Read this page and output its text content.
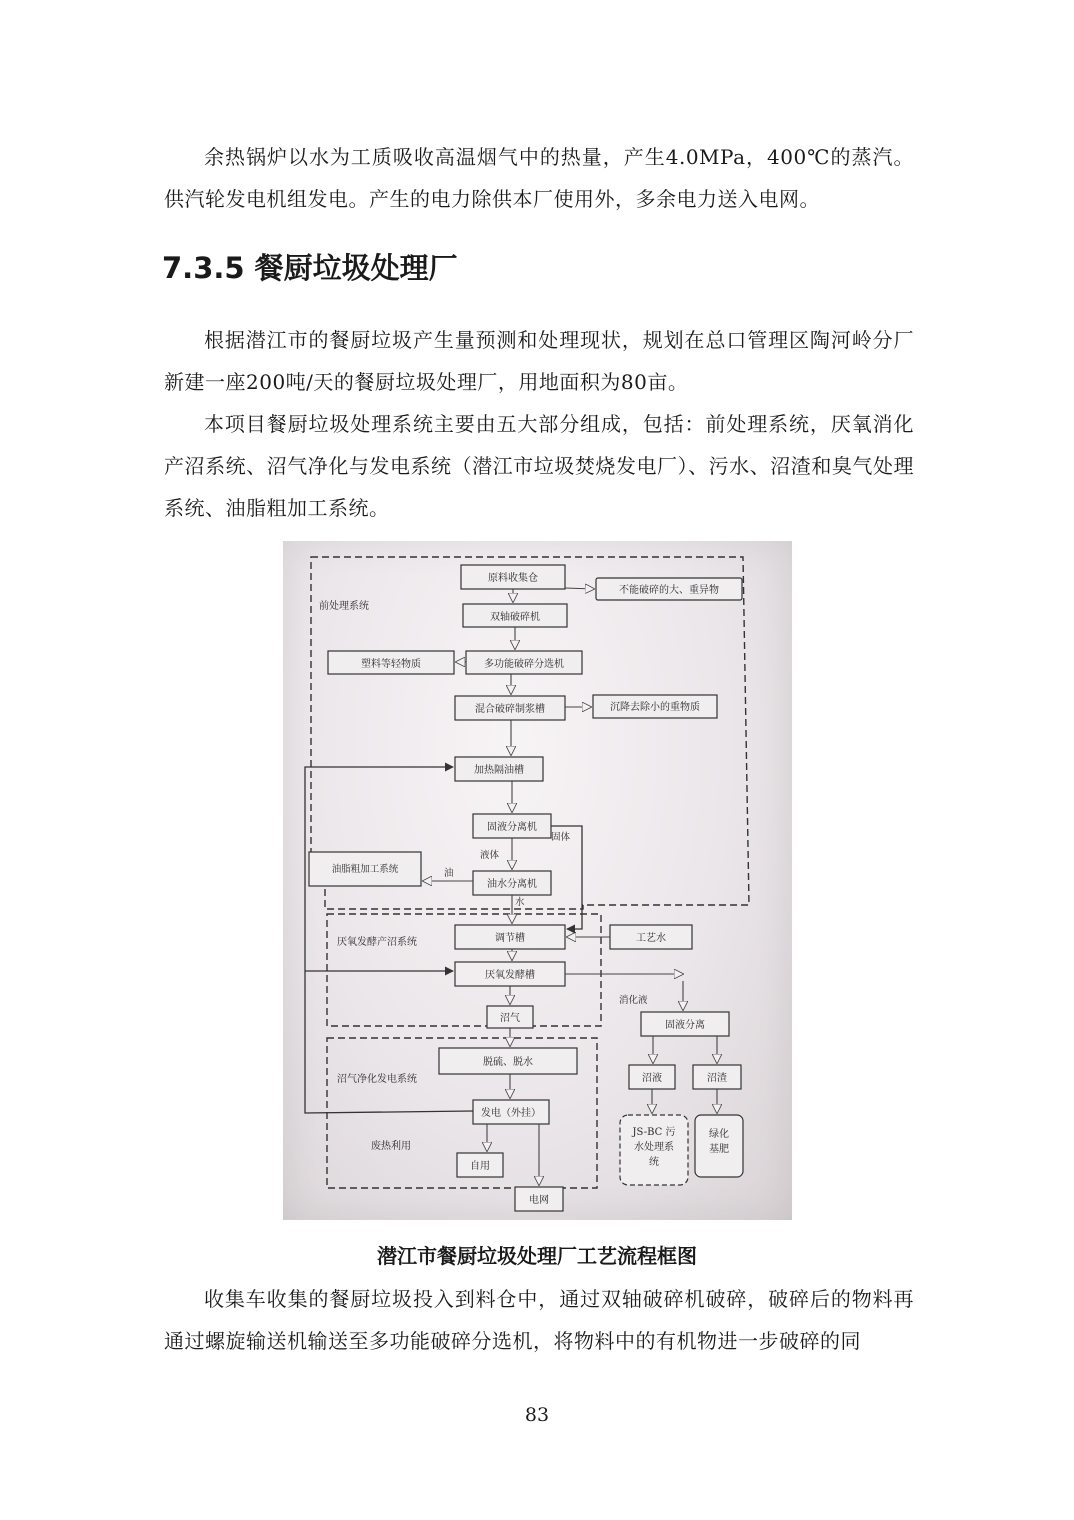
余热锅炉以水为工质吸收高温烟气中的热量，产生4.0MPa，400℃的蒸汽。供汽轮发电机组发电。产生的电力除供本厂使用外，多余电力送入电网。

7.3.5 餐厨垃圾处理厂

根据潜江市的餐厨垃圾产生量预测和处理现状，规划在总口管理区陶河岭分厂新建一座200吨/天的餐厨垃圾处理厂，用地面积为80亩。

本项目餐厨垃圾处理系统主要由五大部分组成，包括：前处理系统，厌氧消化产沼系统、沼气净化与发电系统（潜江市垃圾焚烧发电厂）、污水、沼渣和臭气处理系统、油脂粗加工系统。

前处理系统
厌氧发酵产沼系统
沼气净化发电系统
废热利用
原料收集仓
不能破碎的大、重异物
双轴破碎机
塑料等轻物质	多功能破碎分选机
混合破碎制浆槽	沉降去除小的重物质
加热隔油槽
固液分离机
油脂粗加工系统
油水分离机
调节槽	工艺水
厌氧发酵槽
沼气
脱硫、脱水
发电（外挂）
自用
电网
固液分离
沼液	沼渣
JS-BC 污
水处理系
统
绿化
基肥
固体
液体
油
水
消化液

潜江市餐厨垃圾处理厂工艺流程框图

收集车收集的餐厨垃圾投入到料仓中，通过双轴破碎机破碎，破碎后的物料再通过螺旋输送机输送至多功能破碎分选机，将物料中的有机物进一步破碎的同

83
